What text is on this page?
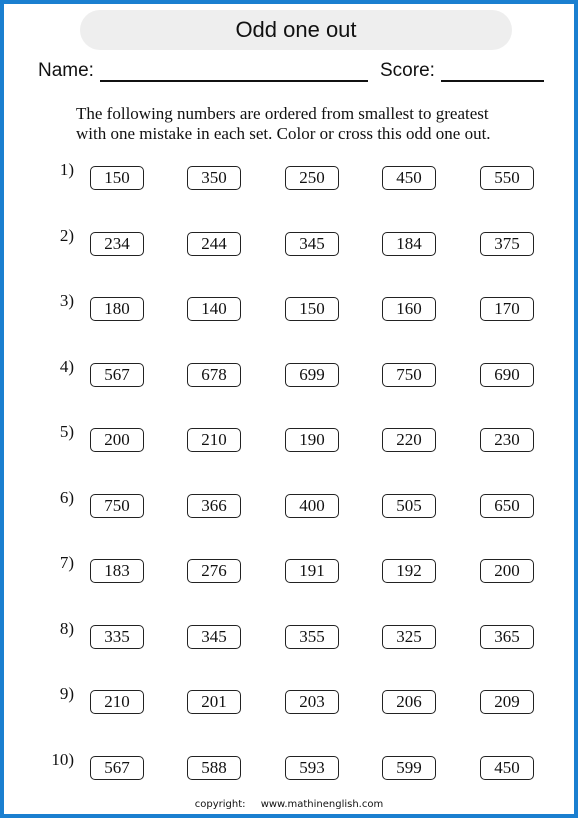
Odd one out
Name:	Score:
The following numbers are ordered from smallest to greatest
with one mistake in each set. Color or cross this odd one out.
1)	150	350	250	450	550
2)	234	244	345	184	375
3)	180	140	150	160	170
4)	567	678	699	750	690
5)	200	210	190	220	230
6)	750	366	400	505	650
7)	183	276	191	192	200
8)	335	345	355	325	365
9)	210	201	203	206	209
10)	567	588	593	599	450
copyright: www.mathinenglish.com
